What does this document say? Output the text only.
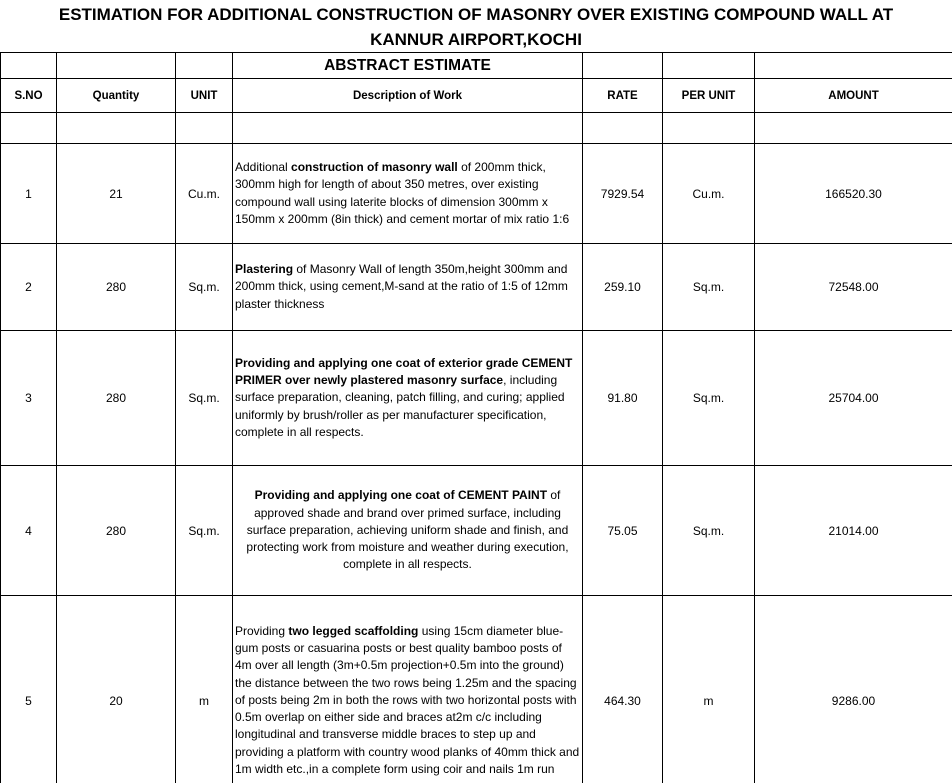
ESTIMATION FOR ADDITIONAL CONSTRUCTION OF MASONRY OVER EXISTING COMPOUND WALL AT
KANNUR AIRPORT,KOCHI
			ABSTRACT ESTIMATE			
S.NO	Quantity	UNIT	Description of Work	RATE	PER UNIT	AMOUNT

1	21	Cu.m.	Additional construction of masonry wall of 200mm thick, 300mm high for length of about 350 metres, over existing compound wall using laterite blocks of dimension 300mm x 150mm x 200mm (8in thick) and cement mortar of mix ratio 1:6	7929.54	Cu.m.	166520.30
2	280	Sq.m.	Plastering of Masonry Wall of length 350m,height 300mm and 200mm thick, using cement,M-sand at the ratio of 1:5 of 12mm plaster thickness	259.10	Sq.m.	72548.00
3	280	Sq.m.	Providing and applying one coat of exterior grade CEMENT PRIMER over newly plastered masonry surface, including surface preparation, cleaning, patch filling, and curing; applied uniformly by brush/roller as per manufacturer specification, complete in all respects.	91.80	Sq.m.	25704.00
4	280	Sq.m.	Providing and applying one coat of CEMENT PAINT of approved shade and brand over primed surface, including surface preparation, achieving uniform shade and finish, and protecting work from moisture and weather during execution, complete in all respects.	75.05	Sq.m.	21014.00
5	20	m	Providing two legged scaffolding using 15cm diameter blue-gum posts or casuarina posts or best quality bamboo posts of 4m over all length (3m+0.5m projection+0.5m into the ground) the distance between the two rows being 1.25m and the spacing of posts being 2m in both the rows with two horizontal posts with 0.5m overlap on either side and braces at2m c/c including longitudinal and transverse middle braces to step up and providing a platform with country wood planks of 40mm thick and 1m width etc.,in a complete form using coir and nails 1m run	464.30	m	9286.00
